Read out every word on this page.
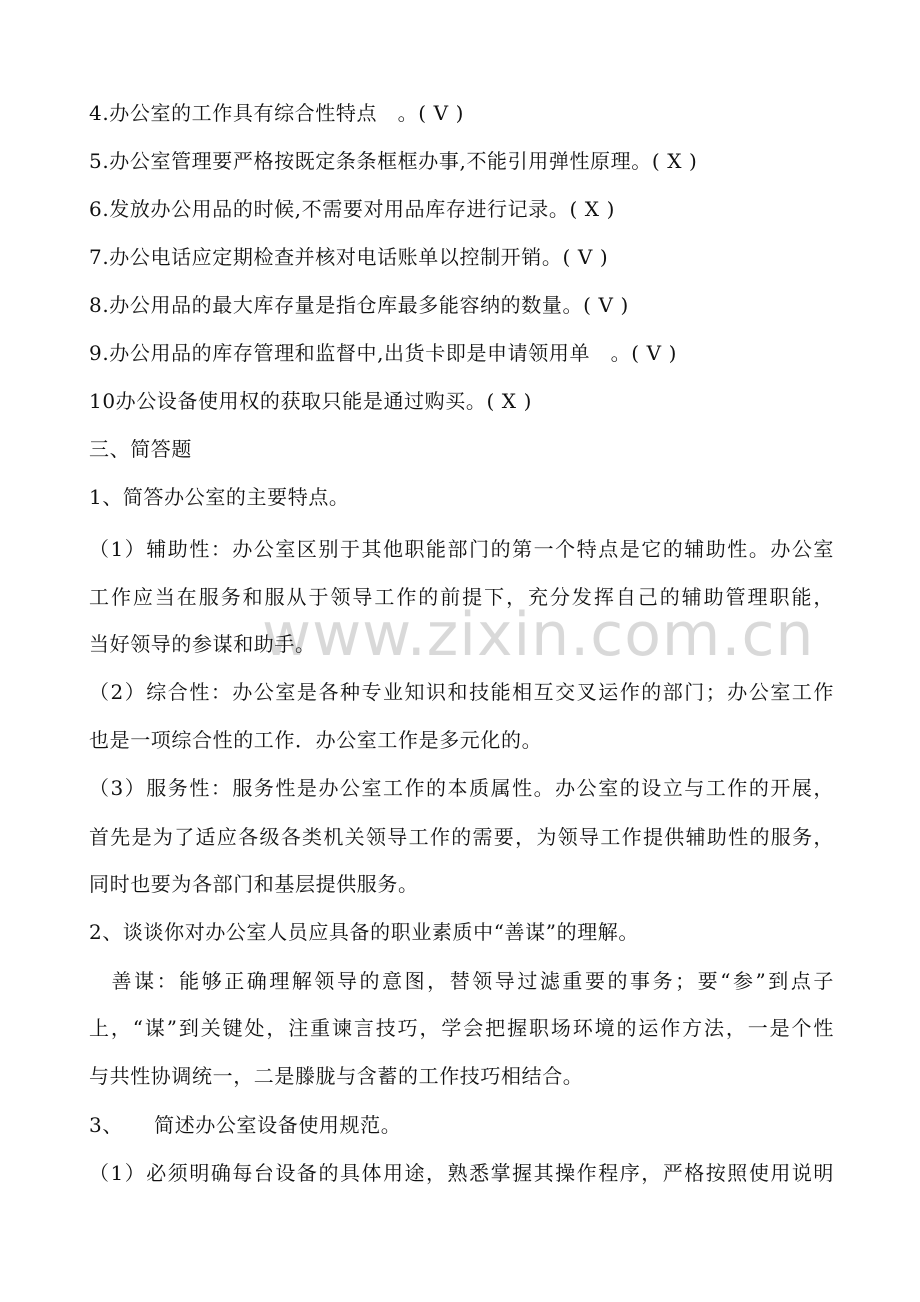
www.zixin.com.cn
4.办公室的工作具有综合性特点　。( V )
5.办公室管理要严格按既定条条框框办事,不能引用弹性原理。( X )
6.发放办公用品的时候,不需要对用品库存进行记录。( X )
7.办公电话应定期检查并核对电话账单以控制开销。( V )
8.办公用品的最大库存量是指仓库最多能容纳的数量。( V )
9.办公用品的库存管理和监督中,出货卡即是申请领用单　。( V )
10办公设备使用权的获取只能是通过购买。( X )
三、简答题
1、简答办公室的主要特点。
（1）辅助性：办公室区别于其他职能部门的第一个特点是它的辅助性。办公室
工作应当在服务和服从于领导工作的前提下，充分发挥自己的辅助管理职能，
当好领导的参谋和助手。
（2）综合性：办公室是各种专业知识和技能相互交叉运作的部门；办公室工作
也是一项综合性的工作．办公室工作是多元化的。
（3）服务性：服务性是办公室工作的本质属性。办公室的设立与工作的开展，
首先是为了适应各级各类机关领导工作的需要，为领导工作提供辅助性的服务，
同时也要为各部门和基层提供服务。
2、谈谈你对办公室人员应具备的职业素质中“善谋”的理解。
　善谋：能够正确理解领导的意图，替领导过滤重要的事务；要“参”到点子
上，“谋”到关键处，注重谏言技巧，学会把握职场环境的运作方法，一是个性
与共性协调统一，二是滕胧与含蓄的工作技巧相结合。
3、　　简述办公室设备使用规范。
（1）必须明确每台设备的具体用途，熟悉掌握其操作程序，严格按照使用说明
